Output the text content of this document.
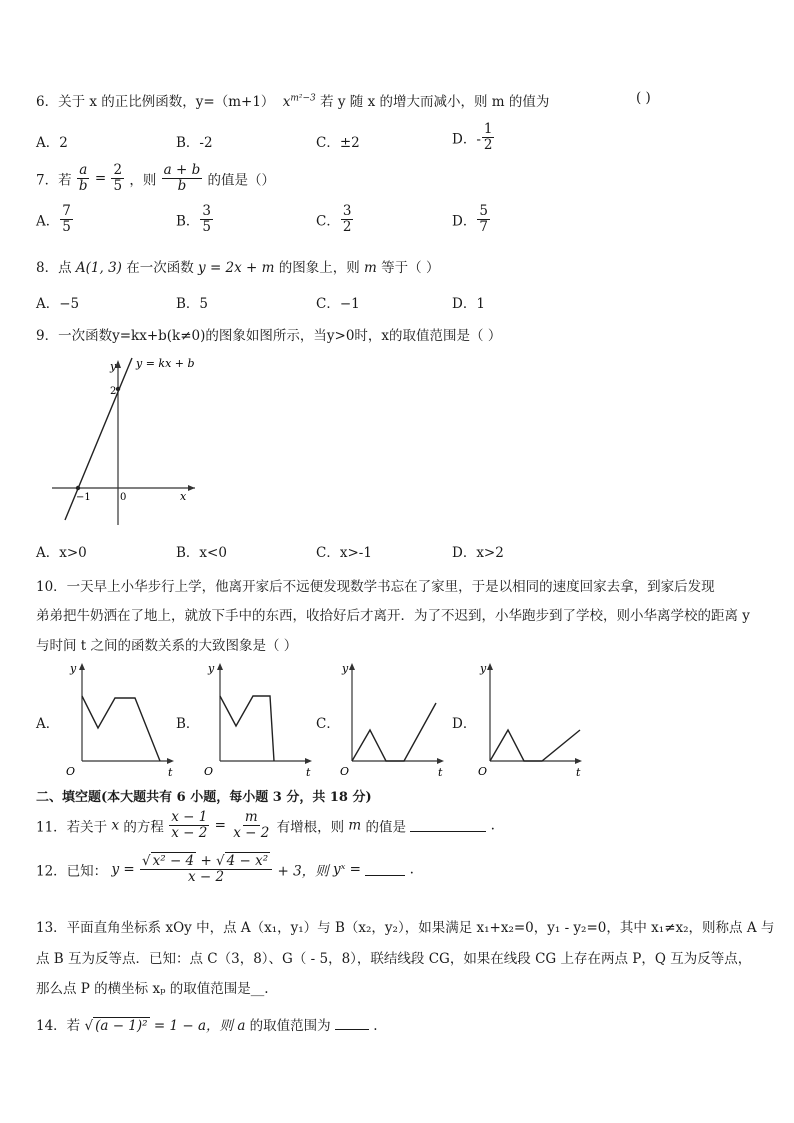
6．关于 x 的正比例函数，y=（m+1） $x^{m^2-3}$ 若 y 随 x 的增大而减小，则 m 的值为	( )
A．2	B．-2	C．±2	D．- $\frac{1}{2}$
7．若 $\frac{a}{b} = \frac{2}{5}$ ，则 $\frac{a + b}{b}$ 的值是（）
A． $\frac{7}{5}$	B． $\frac{3}{5}$	C． $\frac{3}{2}$	D． $\frac{5}{7}$
8．点 A(1, 3) 在一次函数 y = 2x + m 的图象上，则 m 等于（ ）
A．−5	B．5	C．−1	D．1
9．一次函数y=kx+b(k≠0)的图象如图所示，当y>0时，x的取值范围是（ ）
y
x
y = kx + b
2
−1	0
A．x>0	B．x<0	C．x>-1	D．x>2
10．一天早上小华步行上学，他离开家后不远便发现数学书忘在了家里，于是以相同的速度回家去拿，到家后发现
弟弟把牛奶洒在了地上，就放下手中的东西，收拾好后才离开．为了不迟到，小华跑步到了学校，则小华离学校的距离 y
与时间 t 之间的函数关系的大致图象是（ ）
A．
y
t
O
B．
y
t
O
C．
y
t
O
D．
y
t
O
二、填空题(本大题共有 6 小题，每小题 3 分，共 18 分)
11．若关于 x 的方程 $\frac{x - 1}{x - 2} = \frac{m}{x - 2}$ 有增根，则 m 的值是	.
12．已知： $y = \frac{\text{√ x² − 4 + √ 4 − x²}}{x - 2} + 3$，则 yˣ =	.
13．平面直角坐标系 xOy 中，点 A（x₁，y₁）与 B（x₂，y₂），如果满足 x₁+x₂=0，y₁ - y₂=0，其中 x₁≠x₂，则称点 A 与
点 B 互为反等点．已知：点 C（3，8）、G（ - 5，8），联结线段 CG，如果在线段 CG 上存在两点 P，Q 互为反等点，
那么点 P 的横坐标 xₚ 的取值范围是__.
14．若 √ (a − 1)² = 1 − a，则 a 的取值范围为	.
